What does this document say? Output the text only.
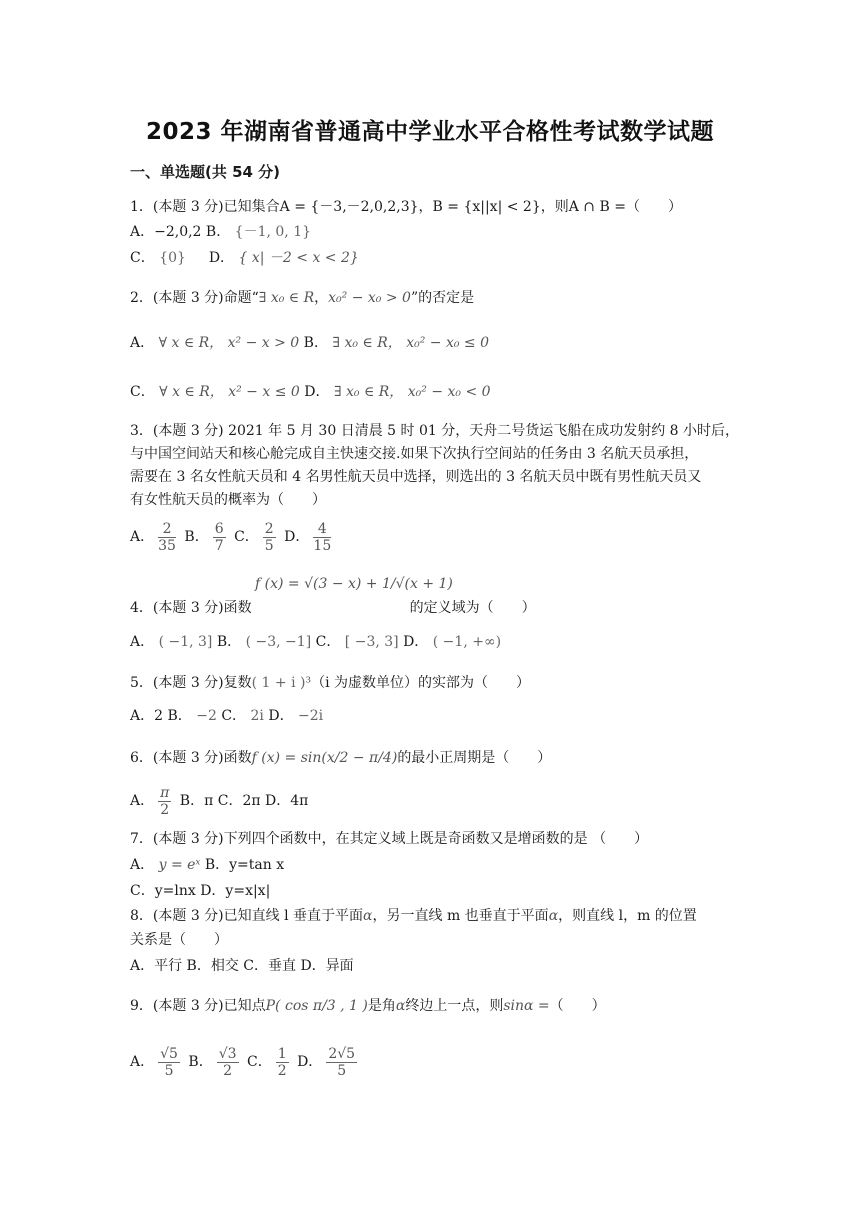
2023 年湖南省普通高中学业水平合格性考试数学试题
一、单选题(共 54 分)
1．(本题 3 分)已知集合A = {－3,－2,0,2,3}，B = {x||x| < 2}，则A ∩ B =（　　）
A．−2,0,2 B． {－1, 0, 1}
C． {0} D． { x| －2 < x < 2}
2．(本题 3 分)命题“∃ x₀ ∈ R，x₀² − x₀ > 0”的否定是
A． ∀ x ∈ R， x² − x > 0 B． ∃ x₀ ∈ R， x₀² − x₀ ≤ 0
C． ∀ x ∈ R， x² − x ≤ 0 D． ∃ x₀ ∈ R， x₀² − x₀ < 0
3．(本题 3 分) 2021 年 5 月 30 日清晨 5 时 01 分，天舟二号货运飞船在成功发射约 8 小时后，
与中国空间站天和核心舱完成自主快速交接.如果下次执行空间站的任务由 3 名航天员承担，
需要在 3 名女性航天员和 4 名男性航天员中选择，则选出的 3 名航天员中既有男性航天员又
有女性航天员的概率为（　　）
A． $\frac{2}{35}$ B． $\frac{6}{7}$ C． $\frac{2}{5}$ D． $\frac{4}{15}$
f (x) = √(3 − x) + 1/√(x + 1)
4．(本题 3 分)函数	的定义域为（　　）
A． ( −1, 3] B． ( −3, −1] C． [ −3, 3] D． ( −1, +∞)
5．(本题 3 分)复数( 1 + i )³（i 为虚数单位）的实部为（　　）
A．2 B． −2 C． 2i D． −2i
6．(本题 3 分)函数f (x) = sin(x/2 − π/4)的最小正周期是（　　）
A． $\frac{\pi}{2}$ B．π C．2π D．4π
7．(本题 3 分)下列四个函数中，在其定义域上既是奇函数又是增函数的是 （　　）
A． y = eˣ B．y=tan x
C．y=lnx D．y=x|x|
8．(本题 3 分)已知直线 l 垂直于平面α，另一直线 m 也垂直于平面α，则直线 l，m 的位置
关系是（　　）
A．平行 B．相交 C．垂直 D．异面
9．(本题 3 分)已知点P( cos π/3 , 1 )是角α终边上一点，则sinα =（　　）
A． $\frac{√5}{5}$ B． $\frac{√3}{2}$ C． $\frac{1}{2}$ D． $\frac{2√5}{5}$
